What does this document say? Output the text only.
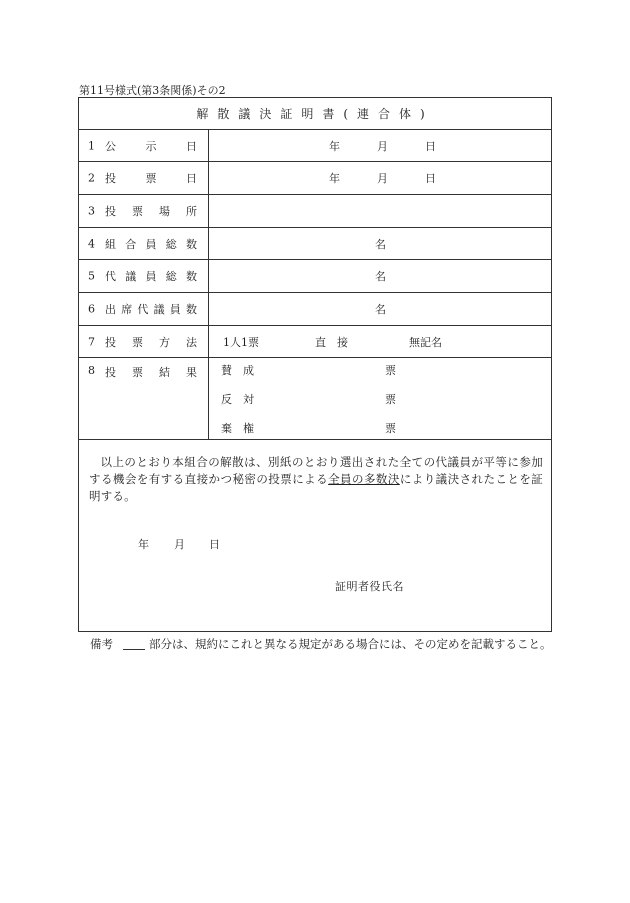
第11号様式(第3条関係)その2
解散議決証明書(連合体)
1 公	示	日	年	月	日
2 投	票	日	年	月	日
3 投 票 場 所
4 組 合 員 総 数	名
5 代 議 員 総 数	名
6 出 席 代 議 員 数	名
7 投 票 方 法 1人1票	直　接	無記名
8 投 票 結 果 賛　成	票
反　対	票
棄　権	票
以上のとおり本組合の解散は、別紙のとおり選出された全ての代議員が平等に参加する機会を有する直接かつ秘密の投票による全員の多数決により議決されたことを証明する。
年 月 日
証明者役氏名
備考	部分は、規約にこれと異なる規定がある場合には、その定めを記載すること。
